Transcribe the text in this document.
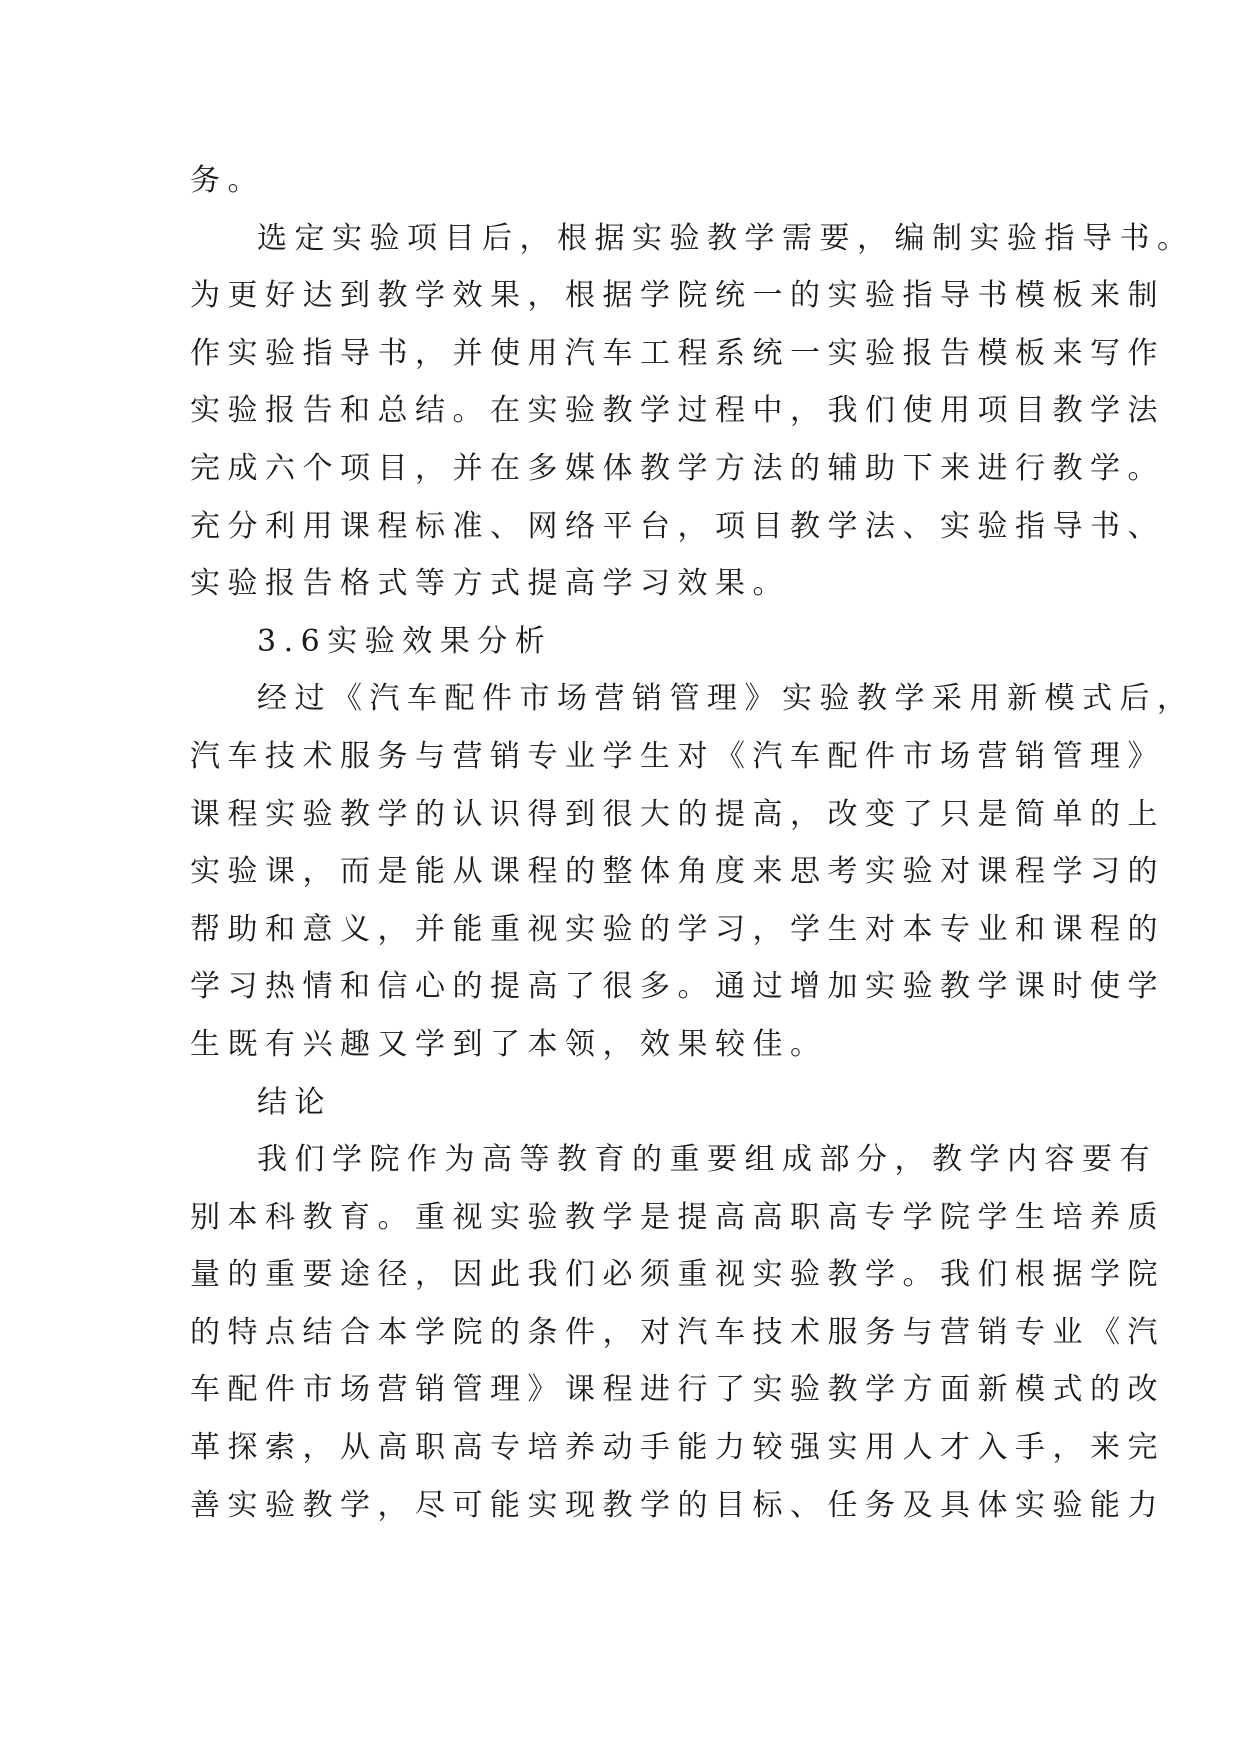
务。

选定实验项目后，根据实验教学需要，编制实验指导书。

为更好达到教学效果，根据学院统一的实验指导书模板来制

作实验指导书，并使用汽车工程系统一实验报告模板来写作

实验报告和总结。在实验教学过程中，我们使用项目教学法

完成六个项目，并在多媒体教学方法的辅助下来进行教学。

充分利用课程标准、网络平台，项目教学法、实验指导书、

实验报告格式等方式提高学习效果。

3.6实验效果分析

经过《汽车配件市场营销管理》实验教学采用新模式后，

汽车技术服务与营销专业学生对《汽车配件市场营销管理》

课程实验教学的认识得到很大的提高，改变了只是简单的上

实验课，而是能从课程的整体角度来思考实验对课程学习的

帮助和意义，并能重视实验的学习，学生对本专业和课程的

学习热情和信心的提高了很多。通过增加实验教学课时使学

生既有兴趣又学到了本领，效果较佳。

结论

我们学院作为高等教育的重要组成部分，教学内容要有

别本科教育。重视实验教学是提高高职高专学院学生培养质

量的重要途径，因此我们必须重视实验教学。我们根据学院

的特点结合本学院的条件，对汽车技术服务与营销专业《汽

车配件市场营销管理》课程进行了实验教学方面新模式的改

革探索，从高职高专培养动手能力较强实用人才入手，来完

善实验教学，尽可能实现教学的目标、任务及具体实验能力
